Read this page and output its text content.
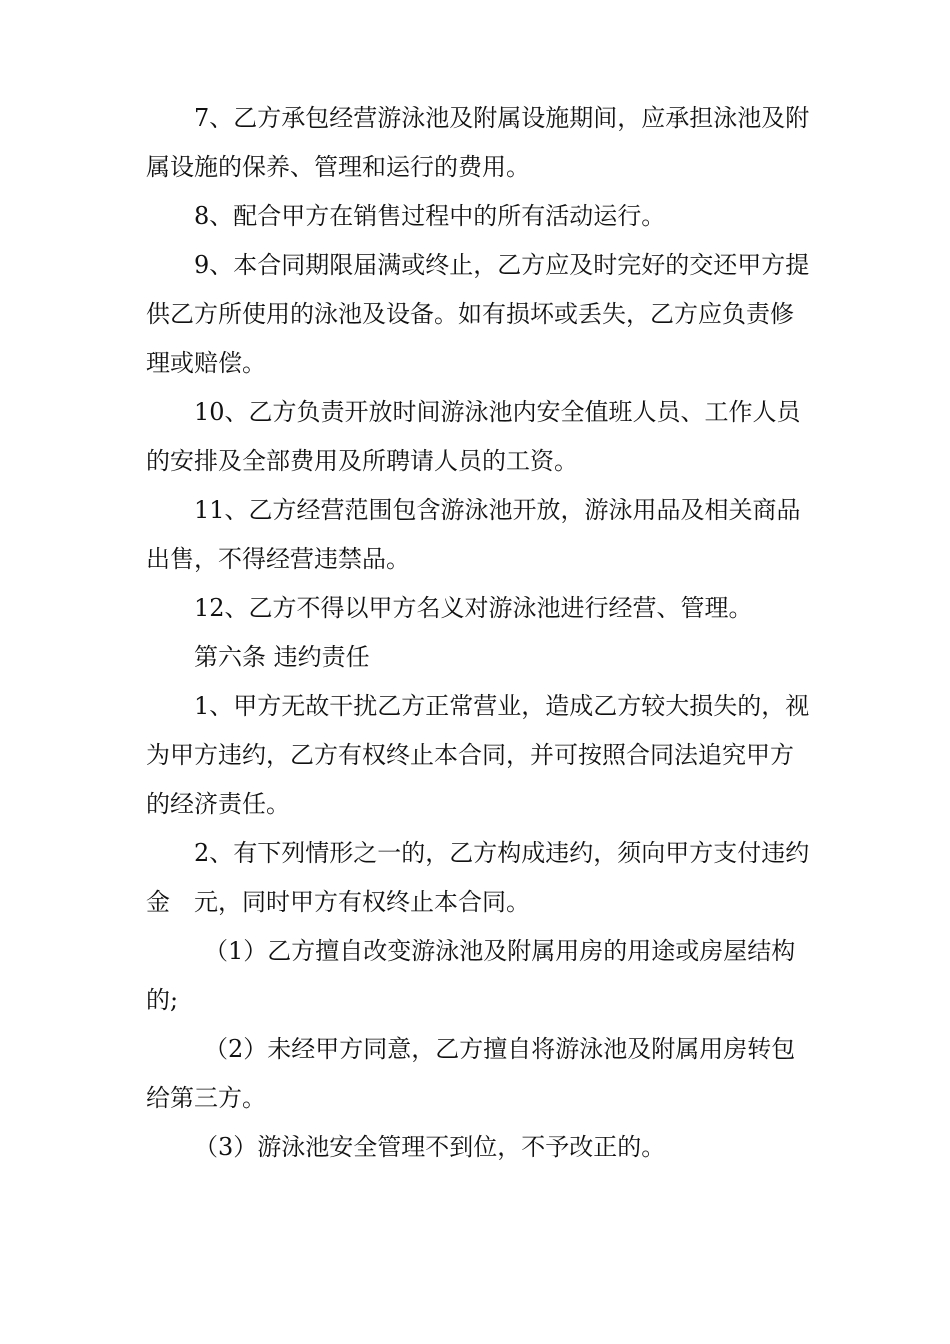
7、乙方承包经营游泳池及附属设施期间，应承担泳池及附属设施的保养、管理和运行的费用。

8、配合甲方在销售过程中的所有活动运行。

9、本合同期限届满或终止，乙方应及时完好的交还甲方提供乙方所使用的泳池及设备。如有损坏或丢失，乙方应负责修理或赔偿。

10、乙方负责开放时间游泳池内安全值班人员、工作人员的安排及全部费用及所聘请人员的工资。

11、乙方经营范围包含游泳池开放，游泳用品及相关商品出售，不得经营违禁品。

12、乙方不得以甲方名义对游泳池进行经营、管理。

第六条 违约责任

1、甲方无故干扰乙方正常营业，造成乙方较大损失的，视为甲方违约，乙方有权终止本合同，并可按照合同法追究甲方的经济责任。

2、有下列情形之一的，乙方构成违约，须向甲方支付违约金　元，同时甲方有权终止本合同。

（1）乙方擅自改变游泳池及附属用房的用途或房屋结构的;

（2）未经甲方同意，乙方擅自将游泳池及附属用房转包给第三方。

（3）游泳池安全管理不到位，不予改正的。
